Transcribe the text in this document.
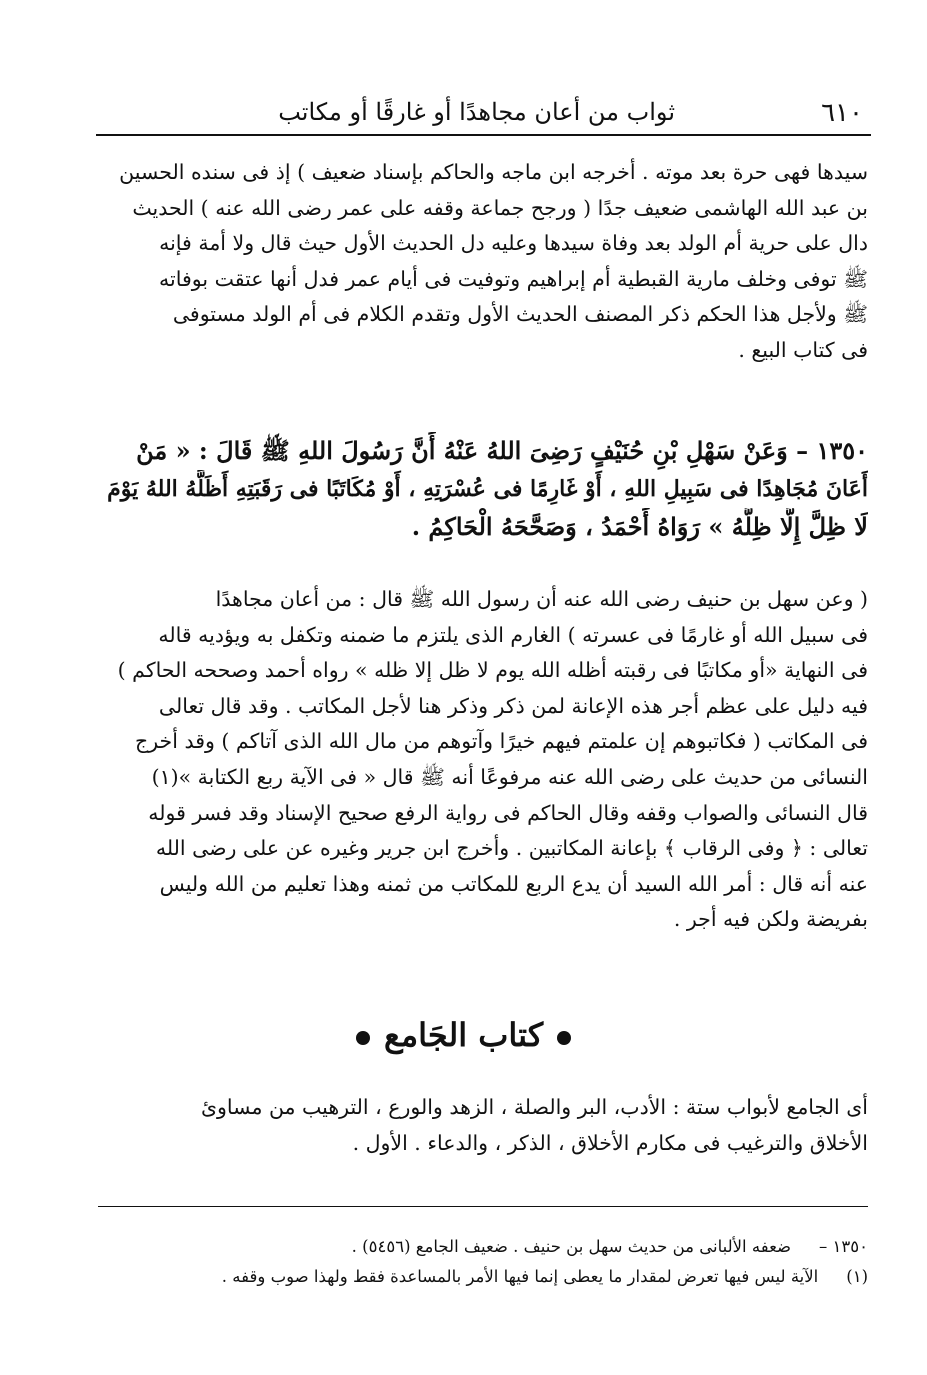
٦١٠
ثواب من أعان مجاهدًا أو غارقًا أو مكاتب
سيدها فهى حرة بعد موته . أخرجه ابن ماجه والحاكم بإسناد ضعيف ) إذ فى سنده الحسين
بن عبد الله الهاشمى ضعيف جدًا ( ورجح جماعة وقفه على عمر رضى الله عنه ) الحديث
دال على حرية أم الولد بعد وفاة سيدها وعليه دل الحديث الأول حيث قال ولا أمة فإنه
ﷺ توفى وخلف مارية القبطية أم إبراهيم وتوفيت فى أيام عمر فدل أنها عتقت بوفاته
ﷺ ولأجل هذا الحكم ذكر المصنف الحديث الأول وتقدم الكلام فى أم الولد مستوفى
فى كتاب البيع .
١٣٥٠ – وَعَنْ سَهْلِ بْنِ حُنَيْفٍ رَضِىَ اللهُ عَنْهُ أَنَّ رَسُولَ اللهِ ﷺ قَالَ : « مَنْ
أَعَانَ مُجَاهِدًا فى سَبِيلِ اللهِ ، أَوْ غَارِمًا فى عُسْرَتِهِ ، أَوْ مُكَاتَبًا فى رَقَبَتِهِ أَظَلَّهُ اللهُ يَوْمَ
لَا ظِلَّ إِلَّا ظِلُّهُ » رَوَاهُ أَحْمَدُ ، وَصَحَّحَهُ الْحَاكِمُ .
( وعن سهل بن حنيف رضى الله عنه أن رسول الله ﷺ قال : من أعان مجاهدًا
فى سبيل الله أو غارمًا فى عسرته ) الغارم الذى يلتزم ما ضمنه وتكفل به ويؤديه قاله
فى النهاية «أو مكاتبًا فى رقبته أظله الله يوم لا ظل إلا ظله » رواه أحمد وصححه الحاكم )
فيه دليل على عظم أجر هذه الإعانة لمن ذكر وذكر هنا لأجل المكاتب . وقد قال تعالى
فى المكاتب ( فكاتبوهم إن علمتم فيهم خيرًا وآتوهم من مال الله الذى آتاكم ) وقد أخرج
النسائى من حديث على رضى الله عنه مرفوعًا أنه ﷺ قال « فى الآية ربع الكتابة »(١)
قال النسائى والصواب وقفه وقال الحاكم فى رواية الرفع صحيح الإسناد وقد فسر قوله
تعالى : ﴿ وفى الرقاب ﴾ بإعانة المكاتبين . وأخرج ابن جرير وغيره عن على رضى الله
عنه أنه قال : أمر الله السيد أن يدع الربع للمكاتب من ثمنه وهذا تعليم من الله وليس
بفريضة ولكن فيه أجر .
كتاب الجَامع
أى الجامع لأبواب ستة : الأدب، البر والصلة ، الزهد والورع ، الترهيب من مساوئ
الأخلاق والترغيب فى مكارم الأخلاق ، الذكر ، والدعاء . الأول .
١٣٥٠ –ضعفه الألبانى من حديث سهل بن حنيف . ضعيف الجامع (٥٤٥٦) .
(١)الآية ليس فيها تعرض لمقدار ما يعطى إنما فيها الأمر بالمساعدة فقط ولهذا صوب وقفه .
